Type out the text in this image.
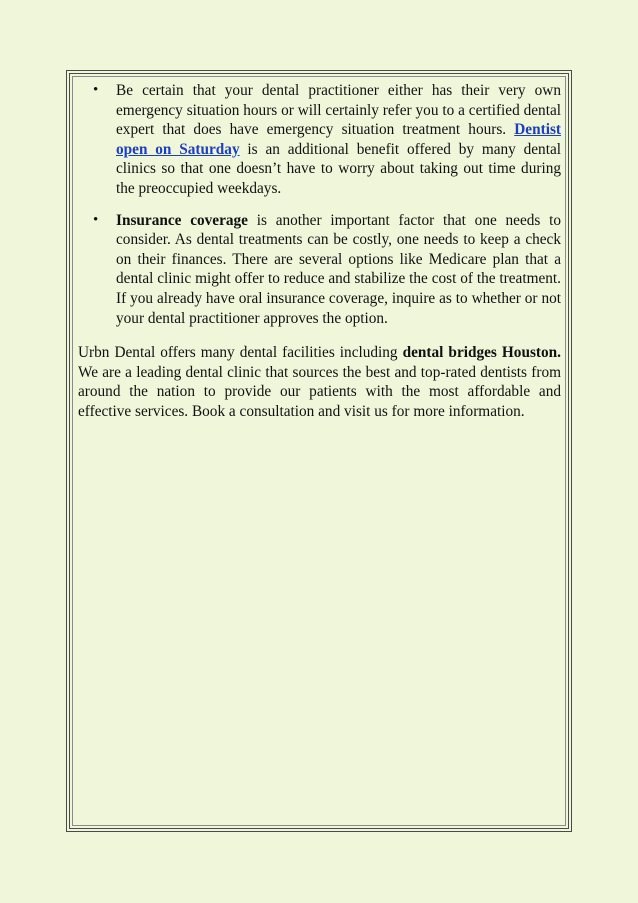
• Be certain that your dental practitioner either has their very own emergency situation hours or will certainly refer you to a certified dental expert that does have emergency situation treatment hours. Dentist open on Saturday is an additional benefit offered by many dental clinics so that one doesn’t have to worry about taking out time during the preoccupied weekdays.
• Insurance coverage is another important factor that one needs to consider. As dental treatments can be costly, one needs to keep a check on their finances. There are several options like Medicare plan that a dental clinic might offer to reduce and stabilize the cost of the treatment. If you already have oral insurance coverage, inquire as to whether or not your dental practitioner approves the option.

Urbn Dental offers many dental facilities including dental bridges Houston. We are a leading dental clinic that sources the best and top-rated dentists from around the nation to provide our patients with the most affordable and effective services. Book a consultation and visit us for more information.
